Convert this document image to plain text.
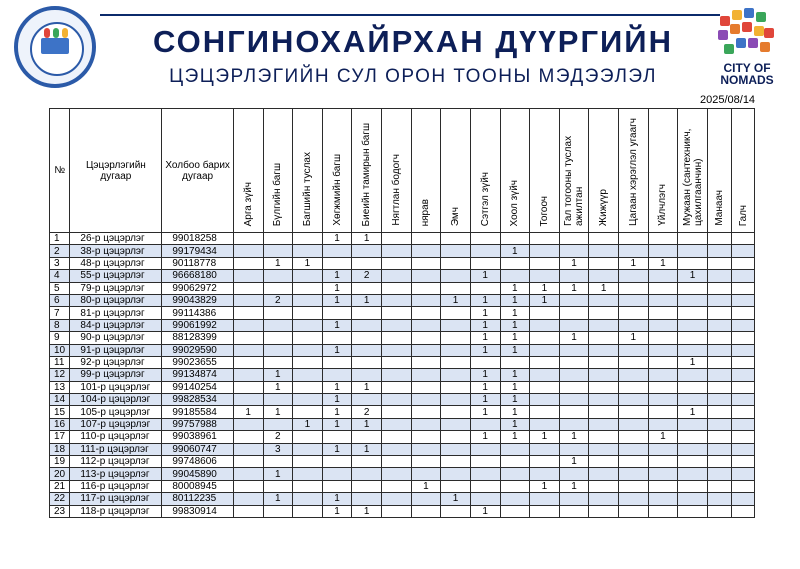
СОНГИНОХАЙРХАН ДҮҮРГИЙН
ЦЭЦЭРЛЭГИЙН СУЛ ОРОН ТООНЫ МЭДЭЭЛЭЛ	CITY OF NOMADS
2025/08/14
№	Цэцэрлэгийн дугаар	Холбоо барих дугаар	Арга зүйч	Бүлгийн багш	Багшийн туслах	Хөгжмийн багш	Биеийн тамирын багш	Нягтлан бодогч	нярав	Эмч	Сэтгэл зүйч	Хоол зүйч	Тогооч	Гал тогооны туслах ажилтан	Жижүүр	Цагаан хэрэглэл угаагч	Үйлчлэгч	Мужаан (сантехникч, цахилгаанчин)	Манаач	Галч
1	26-р цэцэрлэг	99018258				1	1													
2	38-р цэцэрлэг	99179434										1								
3	48-р цэцэрлэг	90118778		1	1									1		1	1			
4	55-р цэцэрлэг	96668180				1	2				1							1		
5	79-р цэцэрлэг	99062972				1						1	1	1	1					
6	80-р цэцэрлэг	99043829		2		1	1			1	1	1	1							
7	81-р цэцэрлэг	99114386									1	1								
8	84-р цэцэрлэг	99061992				1					1	1								
9	90-р цэцэрлэг	88128399									1	1		1		1				
10	91-р цэцэрлэг	99029590				1					1	1								
11	92-р цэцэрлэг	99023655																1		
12	99-р цэцэрлэг	99134874		1							1	1								
13	101-р цэцэрлэг	99140254		1		1	1				1	1								
14	104-р цэцэрлэг	99828534				1					1	1								
15	105-р цэцэрлэг	99185584	1	1		1	2				1	1						1		
16	107-р цэцэрлэг	99757988			1	1	1					1								
17	110-р цэцэрлэг	99038961		2							1	1	1	1			1			
18	111-р цэцэрлэг	99060747		3		1	1													
19	112-р цэцэрлэг	99748606												1						
20	113-р цэцэрлэг	99045890		1																
21	116-р цэцэрлэг	80008945							1				1	1						
22	117-р цэцэрлэг	80112235		1		1				1										
23	118-р цэцэрлэг	99830914				1	1				1									
